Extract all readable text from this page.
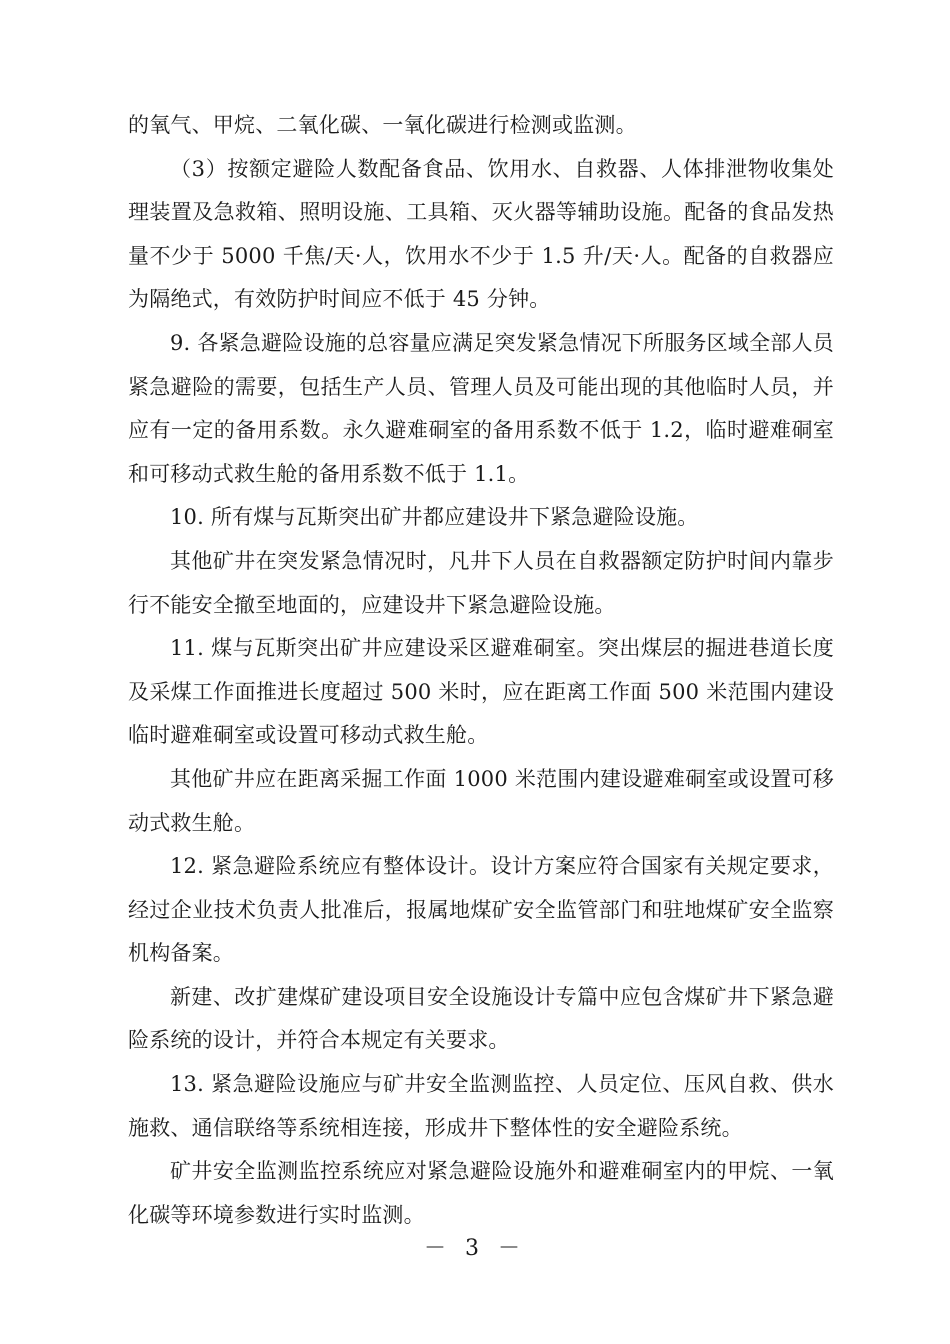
的氧气、甲烷、二氧化碳、一氧化碳进行检测或监测。

（3）按额定避险人数配备食品、饮用水、自救器、人体排泄物收集处理装置及急救箱、照明设施、工具箱、灭火器等辅助设施。配备的食品发热量不少于 5000 千焦/天·人，饮用水不少于 1.5 升/天·人。配备的自救器应为隔绝式，有效防护时间应不低于 45 分钟。

9. 各紧急避险设施的总容量应满足突发紧急情况下所服务区域全部人员紧急避险的需要，包括生产人员、管理人员及可能出现的其他临时人员，并应有一定的备用系数。永久避难硐室的备用系数不低于 1.2，临时避难硐室和可移动式救生舱的备用系数不低于 1.1。

10. 所有煤与瓦斯突出矿井都应建设井下紧急避险设施。

其他矿井在突发紧急情况时，凡井下人员在自救器额定防护时间内靠步行不能安全撤至地面的，应建设井下紧急避险设施。

11. 煤与瓦斯突出矿井应建设采区避难硐室。突出煤层的掘进巷道长度及采煤工作面推进长度超过 500 米时，应在距离工作面 500 米范围内建设临时避难硐室或设置可移动式救生舱。

其他矿井应在距离采掘工作面 1000 米范围内建设避难硐室或设置可移动式救生舱。

12. 紧急避险系统应有整体设计。设计方案应符合国家有关规定要求，经过企业技术负责人批准后，报属地煤矿安全监管部门和驻地煤矿安全监察机构备案。

新建、改扩建煤矿建设项目安全设施设计专篇中应包含煤矿井下紧急避险系统的设计，并符合本规定有关要求。

13. 紧急避险设施应与矿井安全监测监控、人员定位、压风自救、供水施救、通信联络等系统相连接，形成井下整体性的安全避险系统。

矿井安全监测监控系统应对紧急避险设施外和避难硐室内的甲烷、一氧化碳等环境参数进行实时监测。

－ 3 －
